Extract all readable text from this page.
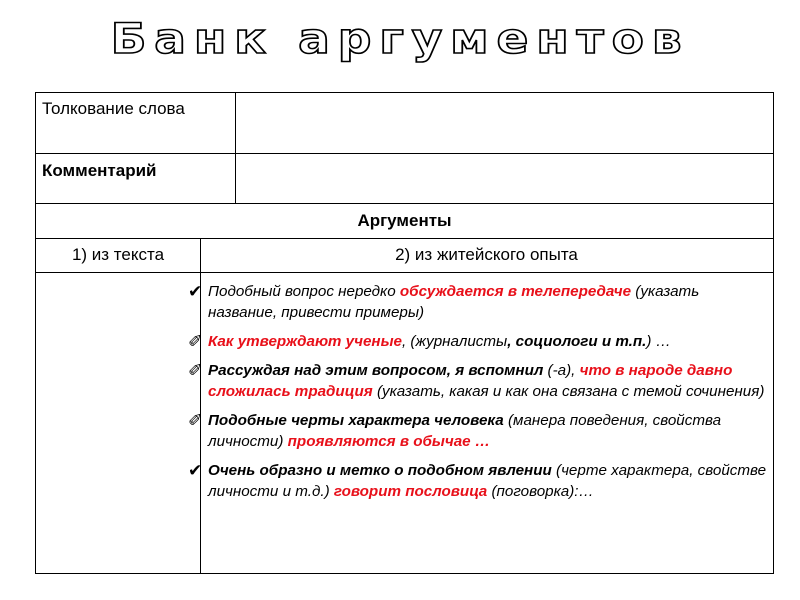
Банк аргументов
Толкование слова
Комментарий
Аргументы
1) из текста	2) из житейского опыта
✔ Подобный вопрос нередко обсуждается в телепередаче (указать название, привести примеры)
✐ Как утверждают ученые, (журналисты, социологи и т.п.) …
✐ Рассуждая над этим вопросом, я вспомнил (-а), что в народе давно сложилась традиция (указать, какая и как она связана с темой сочинения)
✐ Подобные черты характера человека (манера поведения, свойства личности) проявляются в обычае …
✔ Очень образно и метко о подобном явлении (черте характера, свойстве личности и т.д.) говорит пословица (поговорка):…
